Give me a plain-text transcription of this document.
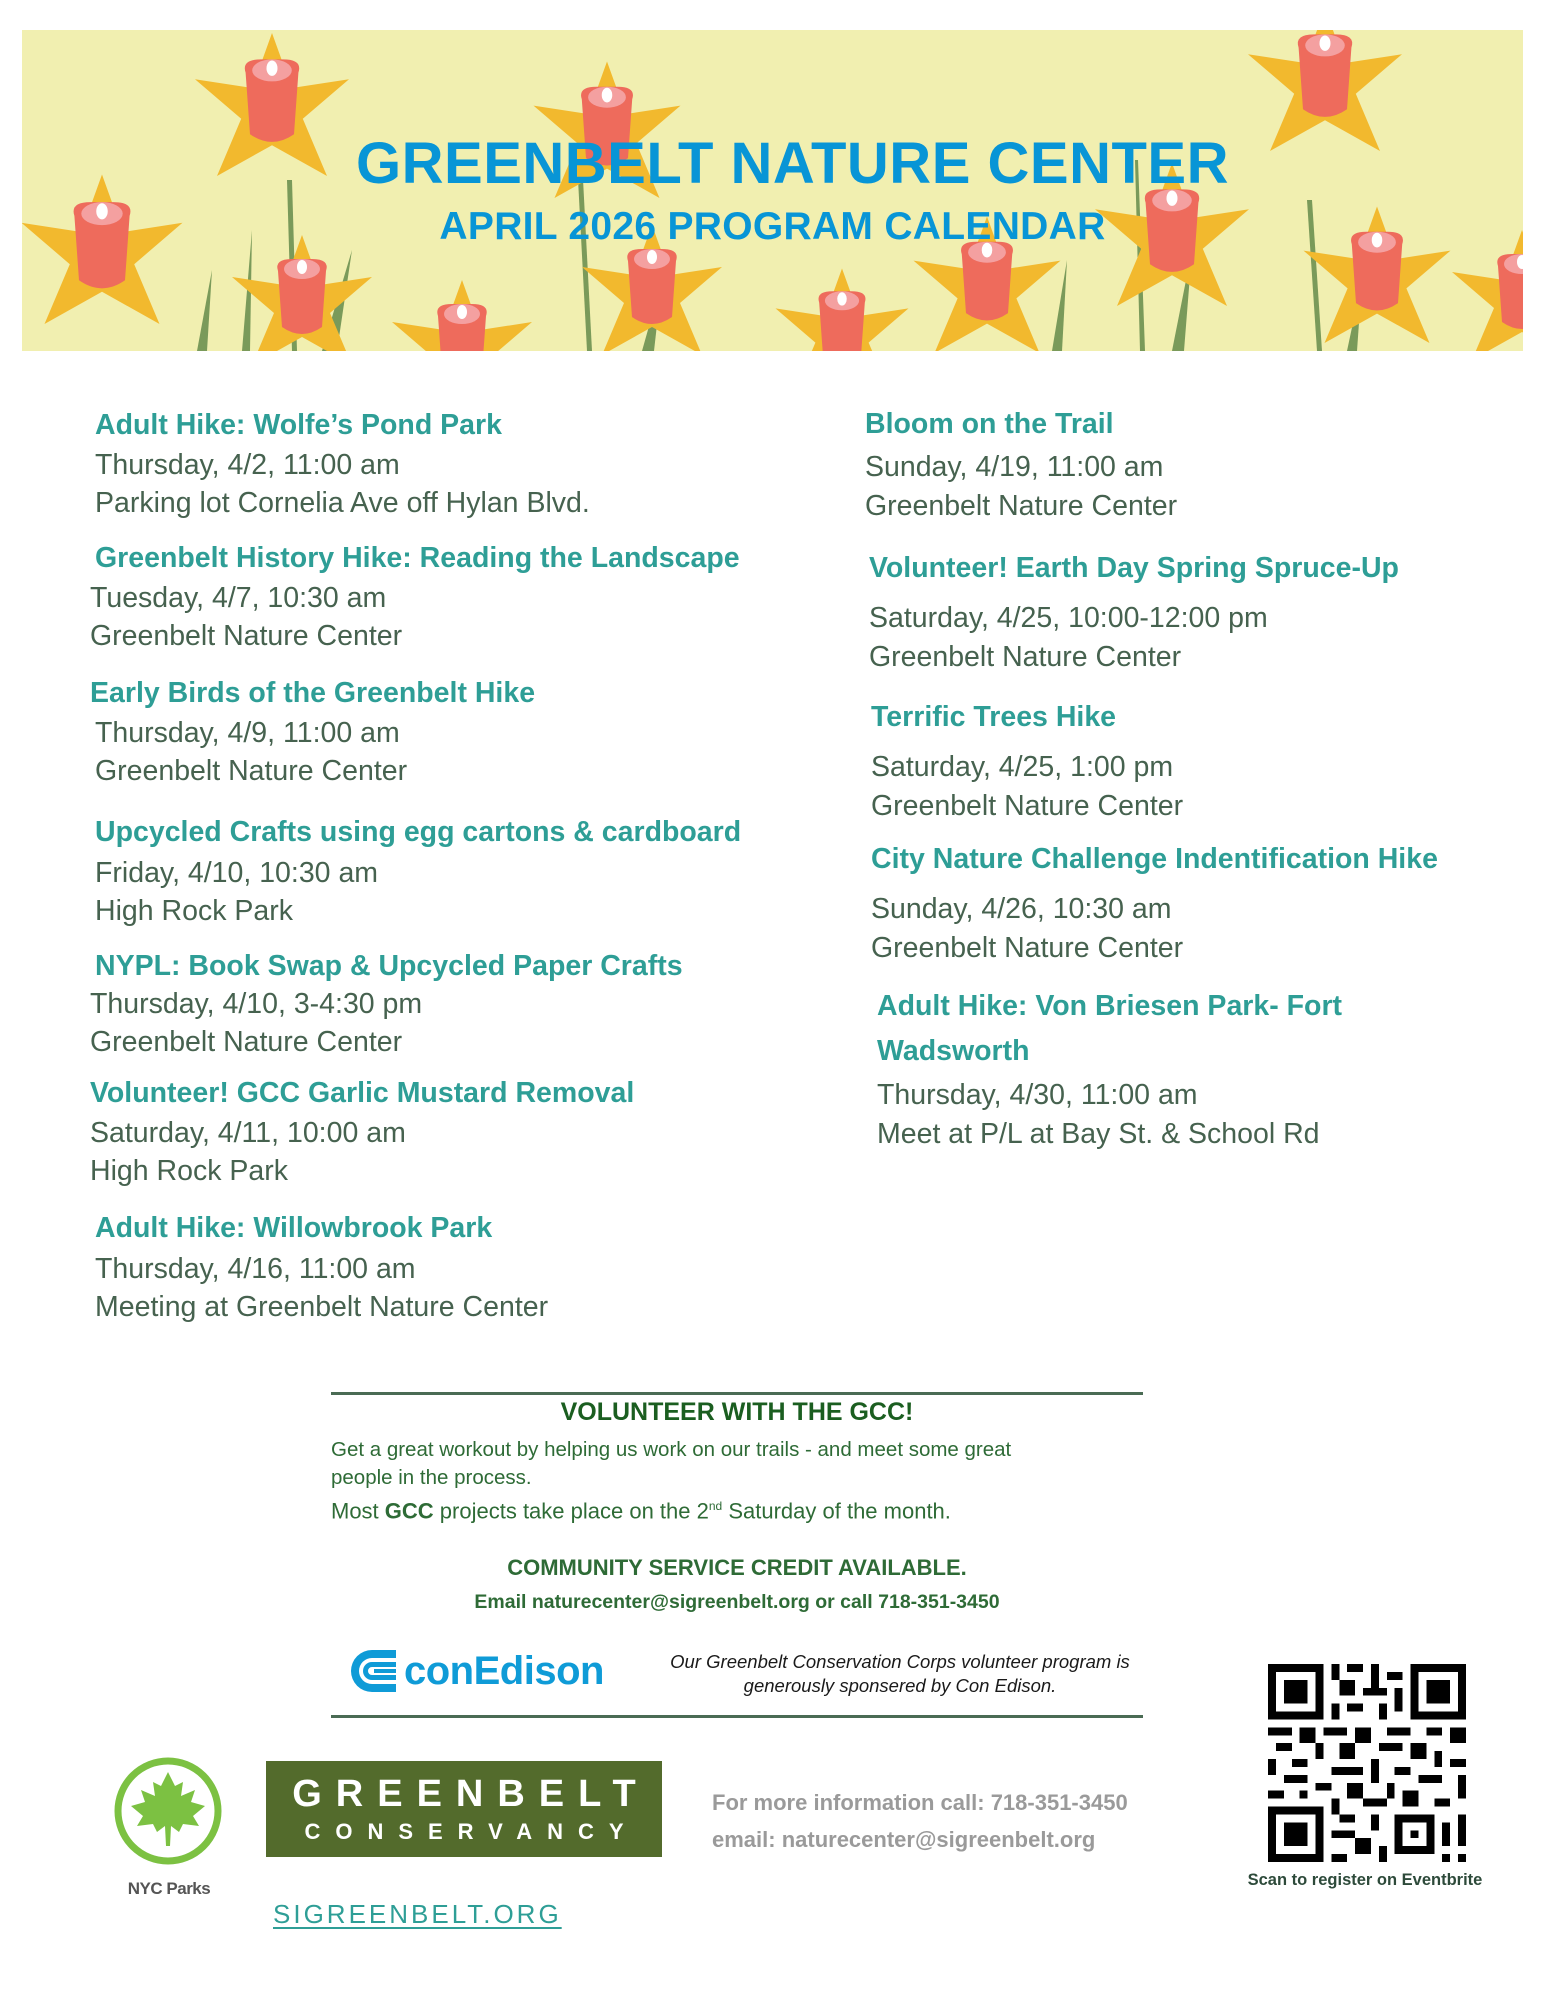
GREENBELT NATURE CENTER
APRIL 2026 PROGRAM CALENDAR
Adult Hike: Wolfe’s Pond Park
Thursday, 4/2, 11:00 am
Parking lot Cornelia Ave off Hylan Blvd.
Greenbelt History Hike: Reading the Landscape
Tuesday, 4/7, 10:30 am
Greenbelt Nature Center
Early Birds of the Greenbelt Hike
Thursday, 4/9, 11:00 am
Greenbelt Nature Center
Upcycled Crafts using egg cartons & cardboard
Friday, 4/10, 10:30 am
High Rock Park
NYPL: Book Swap & Upcycled Paper Crafts
Thursday, 4/10, 3-4:30 pm
Greenbelt Nature Center
Volunteer! GCC Garlic Mustard Removal
Saturday, 4/11, 10:00 am
High Rock Park
Adult Hike: Willowbrook Park
Thursday, 4/16, 11:00 am
Meeting at Greenbelt Nature Center
Bloom on the Trail
Sunday, 4/19, 11:00 am
Greenbelt Nature Center
Volunteer! Earth Day Spring Spruce-Up
Saturday, 4/25, 10:00-12:00 pm
Greenbelt Nature Center
Terrific Trees Hike
Saturday, 4/25, 1:00 pm
Greenbelt Nature Center
City Nature Challenge Indentification Hike
Sunday, 4/26, 10:30 am
Greenbelt Nature Center
Adult Hike: Von Briesen Park- Fort
Wadsworth
Thursday, 4/30, 11:00 am
Meet at P/L at Bay St. & School Rd
VOLUNTEER WITH THE GCC!
Get a great workout by helping us work on our trails - and meet some great
people in the process.
Most GCC projects take place on the 2nd Saturday of the month.
COMMUNITY SERVICE CREDIT AVAILABLE.
Email naturecenter@sigreenbelt.org or call 718-351-3450
conEdison	Our Greenbelt Conservation Corps volunteer program is
generously sponsered by Con Edison.
NYC Parks
GREENBELT
CONSERVANCY
SIGREENBELT.ORG
For more information call: 718-351-3450
email: naturecenter@sigreenbelt.org
Scan to register on Eventbrite
